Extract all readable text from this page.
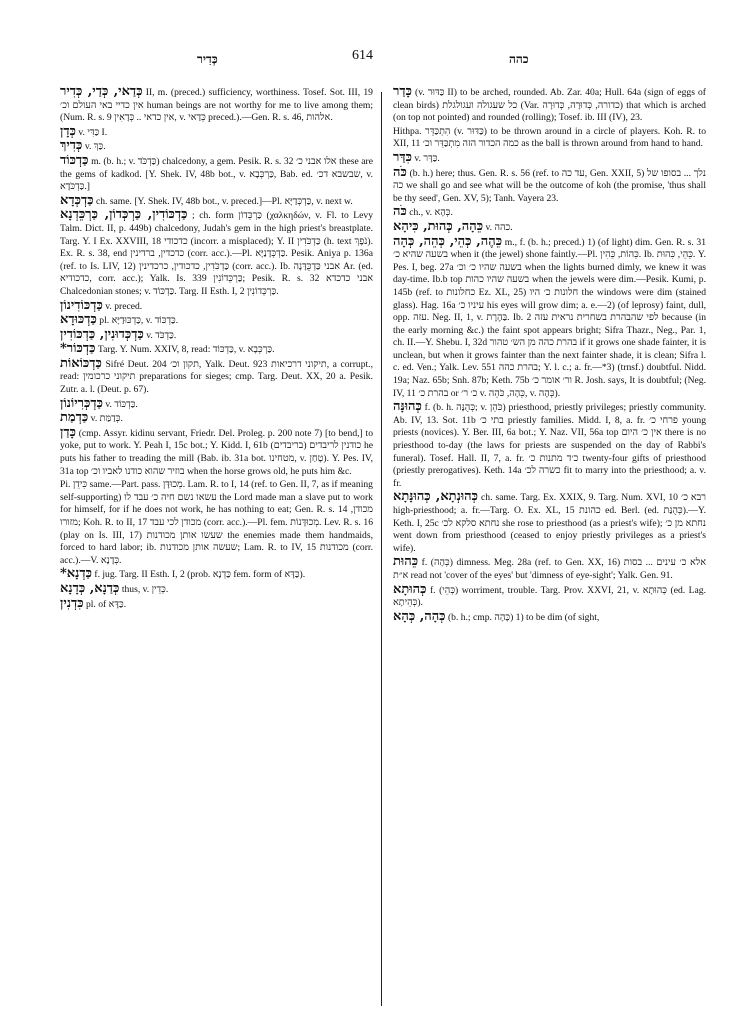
כְּדִיר	614	כהה
כְּדַאי, כְּדַי, כְּדִיר II, m. (preced.) sufficiency, worthiness. Tosef. Sot. III, 19 אין כדיי באי העולם וכ׳ human beings are not worthy for me to live among them; (Num. R. s. 9 אין כדאי .. כְּדָאִין, v. כְּדַאי preced.).—Gen. R. s. 46, אלהות.
כְּדָן v. כַּדִּי I.
כְּדִיךְ v. כַּךְ.
כַּדְכּוֹד m. (b. h.; v. כַּדְכֹּד) chalcedony, a gem. Pesik. R. s. 32 אלו אבני כ׳ these are the gems of kadkod. [Y. Shek. IV, 48b bot., v. כַּרְכְּבָא, Bab. ed. שבשבא דכ׳, v. כַּדְכֹּדָא.]
כַּדְכְּדָא ch. same. [Y. Shek. IV, 48b bot., v. preced.]—Pl. כַּדְכְּדַיָּא, v. next w.
כַּדְכּוֹדִין, כַּרְכְּדוֹן, כַּרְכֵּדְנָא ; ch. form כַּרְכֵּדוֹן (χαλκηδών, v. Fl. to Levy Talm. Dict. II, p. 449b) chalcedony, Judah's gem in the high priest's breastplate. Targ. Y. I Ex. XXVIII, 18 כדכודי (incorr. a misplaced); Y. II כַּדְכֹּדִין (h. text נֹפֶךְ). Ex. R. s. 38, end כדכדין, ברדינין (corr. acc.).—Pl. כַּדְכְּדָנַיָּא. Pesik. Aniya p. 136a (ref. to Is. LIV, 12) כַּדְכֹּדִין, כדכודין, כרכדינין (corr. acc.). Ib. אבני כַּדְכֻּדָּנָה Ar. (ed. כדכודיא, corr. acc.); Yalk. Is. 339 כַּרְכֵּדוֹנִין; Pesik. R. s. 32 אבני כדכדא Chalcedonian stones; v. כַּדְכּוֹד. Targ. II Esth. I, 2 כַּרְכְּדוֹנִין.
כַּדְכּוֹדִינוֹן v. preced.
כַּדְכּוּדָא pl. כַּדְכּוּדַיָּא, v. כַּדְכּוֹד.
כַּדְכְּדוּנִין, כַּדְכּוֹדִין v. כַּדְכֹּד.
כַּדְכּוֹר* Targ. Y. Num. XXIV, 8, read: כַּדְכּוֹד, v. כַּרְכְּבָא.
כַּדְכּוֹאוֹת Sifré Deut. 204 תקון וכ׳, Yalk. Deut. 923 תיקוני דרכיאות, a corrupt., read: תיקוני כרכומין preparations for sieges; cmp. Targ. Deut. XX, 20 a. Pesik. Zutr. a. l. (Deut. p. 67).
כַּדְכְּרִיוֹנוֹן v. כַּדְכּוֹד.
כַּדְמַת v. כְּדַמַּת.
כָּדַן (cmp. Assyr. kidinu servant, Friedr. Del. Proleg. p. 200 note 7) [to bend,] to yoke, put to work. Y. Peah I, 15c bot.; Y. Kidd. I, 61b (בריבדים) כודנין לריבדים he puts his father to treading the mill (Bab. ib. 31a bot. מטחינו, v. טָחַן). Y. Pes. IV, 31a top בוזיר שהוא כודנו לאביו וכ׳ when the horse grows old, he puts him &c.
Pi. כִּידֵן same.—Part. pass. מְכוּדָּן. Lam. R. to I, 14 (ref. to Gen. II, 7, as if meaning self-supporting) עשאו נשם חיה כ׳ עבד לו the Lord made man a slave put to work for himself, for if he does not work, he has nothing to eat; Gen. R. s. 14 מכודן, מזורו; Koh. R. to II, 17 מכודן לכי עבד (corr. acc.).—Pl. fem. מְכוּדָּנוֹת. Lev. R. s. 16 (play on Is. III, 17) שעשו אותן מכודנות the enemies made them handmaids, forced to hard labor; ib. שעשה אותן מכודנות; Lam. R. to IV, 15 מכודנות (corr. acc.).—V. כְּדָנָא.
כַּדְנָא* f. jug. Targ. II Esth. I, 2 (prob. כַּדְנָא fem. form of כַּדָּא).
כְּדַנָא, כְּדָנָא thus, v. כְּדֵין.
כִּדְנִין pl. of כַּדָּא.
כָּדַר (v. כַּדּוּר II) to be arched, rounded. Ab. Zar. 40a; Hull. 64a (sign of eggs of clean birds) כל שעגולה ועגולגלת (Var. כדורה, כְּדוּרָה, כְּדוּרָה) that which is arched (on top not pointed) and rounded (rolling); Tosef. ib. III (IV), 23.
Hithpa. הִתְכַּדֵּר (v. כַּדּוּר) to be thrown around in a circle of players. Koh. R. to XII, 11 כמה הכדור הזה מִתְכַּדֵּר וכ׳ as the ball is thrown around from hand to hand.
כִּדַּר v. כַּדָּר.
כֹּה (b. h.) here; thus. Gen. R. s. 56 (ref. to עד כה, Gen. XXII, 5) נלך ... בסופו של כה we shall go and see what will be the outcome of koh (the promise, 'thus shall be thy seed', Gen. XV, 5); Tanh. Vayera 23.
כֹּה ch., v. כְּהָא.
כֵּהָה, כְּהוּת, כִּיהָא v. כהה.
כֵּהֶה, כְּהֵי, כְּהֵה, כְּהָה m., f. (b. h.; preced.) 1) (of light) dim. Gen. R. s. 31 בשעה שהיא כ׳ when it (the jewel) shone faintly.—Pl. כֵּהוֹת, כֵּהִין. Ib. כֵּהֵי, כִּהוּת. Y. Pes. I, beg. 27a בשעה שהיו כ׳ וכ׳ when the lights burned dimly, we knew it was day-time. Ib.b top בשעה שהיו כהות when the jewels were dim.—Pesik. Kumi, p. 145b (ref. to כחלונות Ez. XL, 25) חלונות כ׳ היו the windows were dim (stained glass). Hag. 16a עיניו כ׳ his eyes will grow dim; a. e.—2) (of leprosy) faint, dull, opp. עזה. Neg. II, 1, v. בַּהֶרֶת. Ib. 2 לפי שהבהרת בשחרית נראית עזה because (in the early morning &c.) the faint spot appears bright; Sifra Thazr., Neg., Par. 1, ch. II.—Y. Shebu. I, 32d בהרת כהה מן הש׳ טהור if it grows one shade fainter, it is unclean, but when it grows fainter than the next fainter shade, it is clean; Sifra l. c. ed. Ven.; Yalk. Lev. 551 בהרת כהה; Y. l. c.; a. fr.—*3) (trnsf.) doubtful. Nidd. 19a; Naz. 65b; Snh. 87b; Keth. 75b ור׳ אומר כ׳ R. Josh. says, It is doubtful; (Neg. IV, 11 בהרת כ׳ or כ׳ ר׳ v. כֵּהָה, כֹּהֵה, v. כְּהָה).
כְּהוּנָּה f. (b. h. כְּהֻנָּה; v. כֹּהֵן) priesthood, priestly privileges; priestly community. Ab. IV, 13. Sot. 11b בתי כ׳ priestly families. Midd. I, 8, a. fr. פרחי כ׳ young priests (novices). Y. Ber. III, 6a bot.; Y. Naz. VII, 56a top אין כ׳ היום there is no priesthood to-day (the laws for priests are suspended on the day of Rabbi's funeral). Tosef. Hall. II, 7, a. fr. כ׳ד מתנות כ׳ twenty-four gifts of priesthood (priestly prerogatives). Keth. 14a כשרה לכ׳ fit to marry into the priesthood; a. v. fr.
כְּהוּנְתָא, כְּהוּנָּתָא ch. same. Targ. Ex. XXIX, 9. Targ. Num. XVI, 10 רבא כ׳ high-priesthood; a. fr.—Targ. O. Ex. XL, 15 כהונת ed. Berl. (ed. כְּהֻנַּת).—Y. Keth. I, 25c נחתא סלקא לכ׳ she rose to priesthood (as a priest's wife); נחתא מן כ׳ went down from priesthood (ceased to enjoy priestly privileges as a priest's wife).
כֵּהוּת f. (כְּהָה) dimness. Meg. 28a (ref. to Gen. XX, 16) אלא כ׳ עינים ... בסות א״ת read not 'cover of the eyes' but 'dimness of eye-sight'; Yalk. Gen. 91.
כְּהוּתָא f. (כְּהֵי) worriment, trouble. Targ. Prov. XXVI, 21, v. כְּהוּתָא (ed. Lag. כְּהֵיתָא).
כְּהָה, כְּהָא (b. h.; cmp. כָּהָה) 1) to be dim (of sight,
